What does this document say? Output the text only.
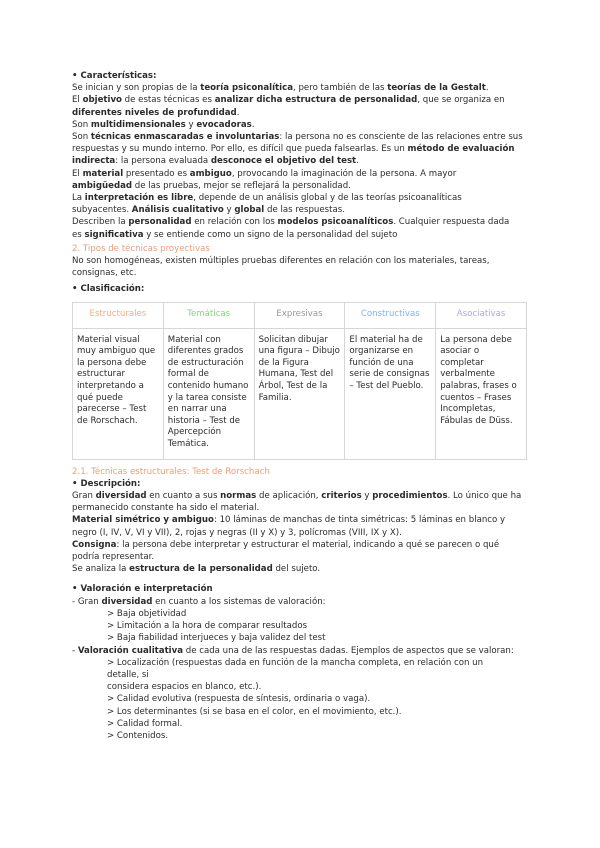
• Características:
Se inician y son propias de la teoría psiconalítica, pero también de las teorías de la Gestalt.
El objetivo de estas técnicas es analizar dicha estructura de personalidad, que se organiza en
diferentes niveles de profundidad.
Son multidimensionales y evocadoras.
Son técnicas enmascaradas e involuntarias: la persona no es consciente de las relaciones entre sus
respuestas y su mundo interno. Por ello, es difícil que pueda falsearlas. Es un método de evaluación
indirecta: la persona evaluada desconoce el objetivo del test.
El material presentado es ambiguo, provocando la imaginación de la persona. A mayor
ambigüedad de las pruebas, mejor se reflejará la personalidad.
La interpretación es libre, depende de un análisis global y de las teorías psicoanalíticas
subyacentes. Análisis cualitativo y global de las respuestas.
Describen la personalidad en relación con los modelos psicoanalíticos. Cualquier respuesta dada
es significativa y se entiende como un signo de la personalidad del sujeto
2. Tipos de técnicas proyectivas
No son homogéneas, existen múltiples pruebas diferentes en relación con los materiales, tareas,
consignas, etc.
• Clasificación:
Estructurales	Temáticas	Expresivas	Constructivas	Asociativas
Material visual muy ambiguo que la persona debe estructurar interpretando a qué puede parecerse – Test de Rorschach.	Material con diferentes grados de estructuración formal de contenido humano y la tarea consiste en narrar una historia – Test de Apercepción Temática.	Solicitan dibujar una figura – Dibujo de la Figura Humana, Test del Árbol, Test de la Familia.	El material ha de organizarse en función de una serie de consignas – Test del Pueblo.	La persona debe asociar o completar verbalmente palabras, frases o cuentos – Frases Incompletas, Fábulas de Düss.
2.1. Técnicas estructurales: Test de Rorschach
• Descripción:
Gran diversidad en cuanto a sus normas de aplicación, criterios y procedimientos. Lo único que ha
permanecido constante ha sido el material.
Material simétrico y ambiguo: 10 láminas de manchas de tinta simétricas: 5 láminas en blanco y
negro (I, IV, V, VI y VII), 2, rojas y negras (II y X) y 3, polícromas (VIII, IX y X).
Consigna: la persona debe interpretar y estructurar el material, indicando a qué se parecen o qué
podría representar.
Se analiza la estructura de la personalidad del sujeto.
• Valoración e interpretación
- Gran diversidad en cuanto a los sistemas de valoración:
> Baja objetividad
> Limitación a la hora de comparar resultados
> Baja fiabilidad interjueces y baja validez del test
- Valoración cualitativa de cada una de las respuestas dadas. Ejemplos de aspectos que se valoran:
> Localización (respuestas dada en función de la mancha completa, en relación con un
detalle, si
considera espacios en blanco, etc.).
> Calidad evolutiva (respuesta de síntesis, ordinaria o vaga).
> Los determinantes (si se basa en el color, en el movimiento, etc.).
> Calidad formal.
> Contenidos.
